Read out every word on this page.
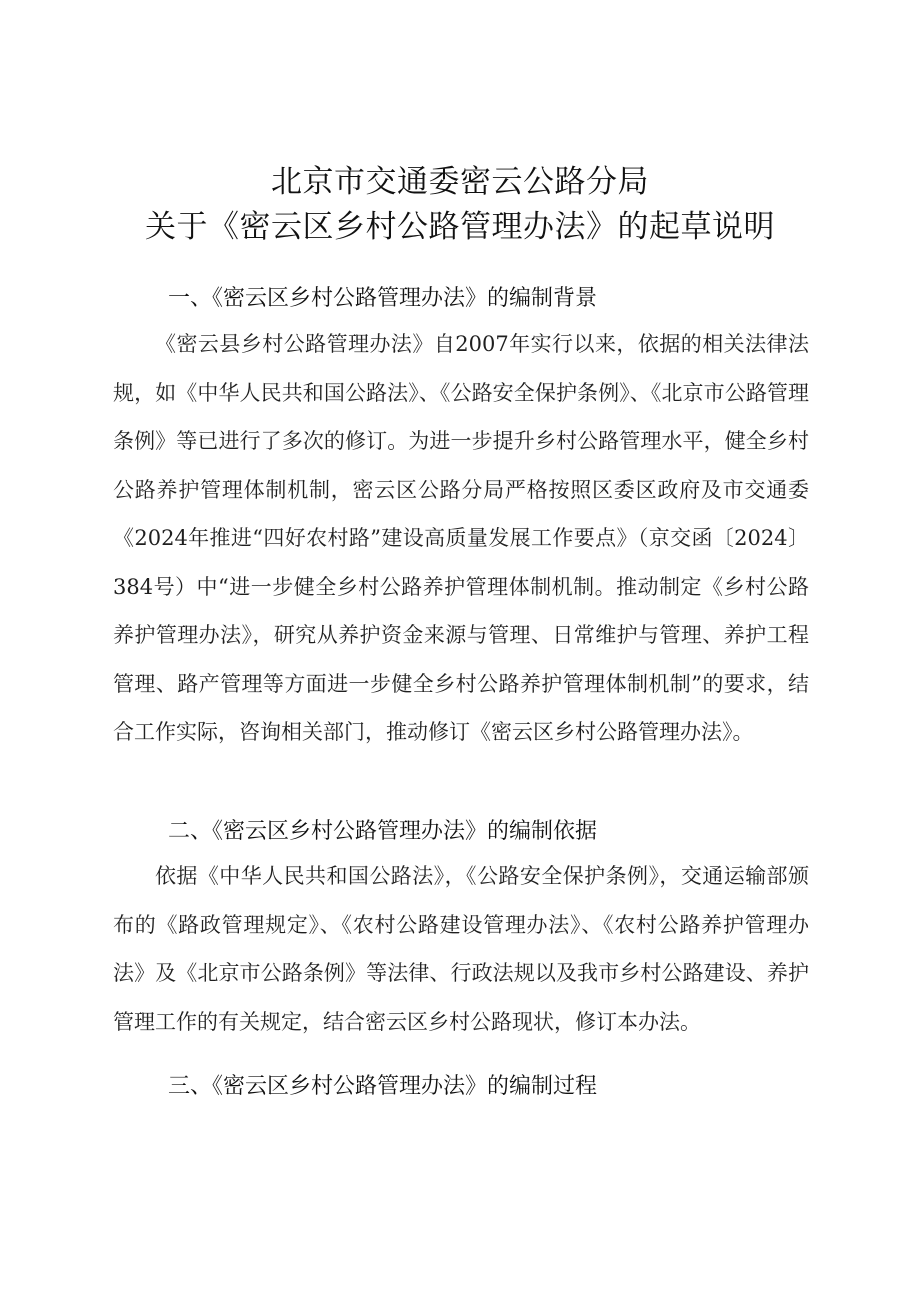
北京市交通委密云公路分局
关于《密云区乡村公路管理办法》的起草说明
一、《密云区乡村公路管理办法》的编制背景

《密云县乡村公路管理办法》自2007年实行以来，依据的相关法律法规，如《中华人民共和国公路法》、《公路安全保护条例》、《北京市公路管理条例》等已进行了多次的修订。为进一步提升乡村公路管理水平，健全乡村公路养护管理体制机制，密云区公路分局严格按照区委区政府及市交通委《2024年推进“四好农村路”建设高质量发展工作要点》（京交函〔2024〕384号）中“进一步健全乡村公路养护管理体制机制。推动制定《乡村公路养护管理办法》，研究从养护资金来源与管理、日常维护与管理、养护工程管理、路产管理等方面进一步健全乡村公路养护管理体制机制”的要求，结合工作实际，咨询相关部门，推动修订《密云区乡村公路管理办法》。

二、《密云区乡村公路管理办法》的编制依据

依据《中华人民共和国公路法》，《公路安全保护条例》，交通运输部颁布的《路政管理规定》、《农村公路建设管理办法》、《农村公路养护管理办法》及《北京市公路条例》等法律、行政法规以及我市乡村公路建设、养护管理工作的有关规定，结合密云区乡村公路现状，修订本办法。

三、《密云区乡村公路管理办法》的编制过程
